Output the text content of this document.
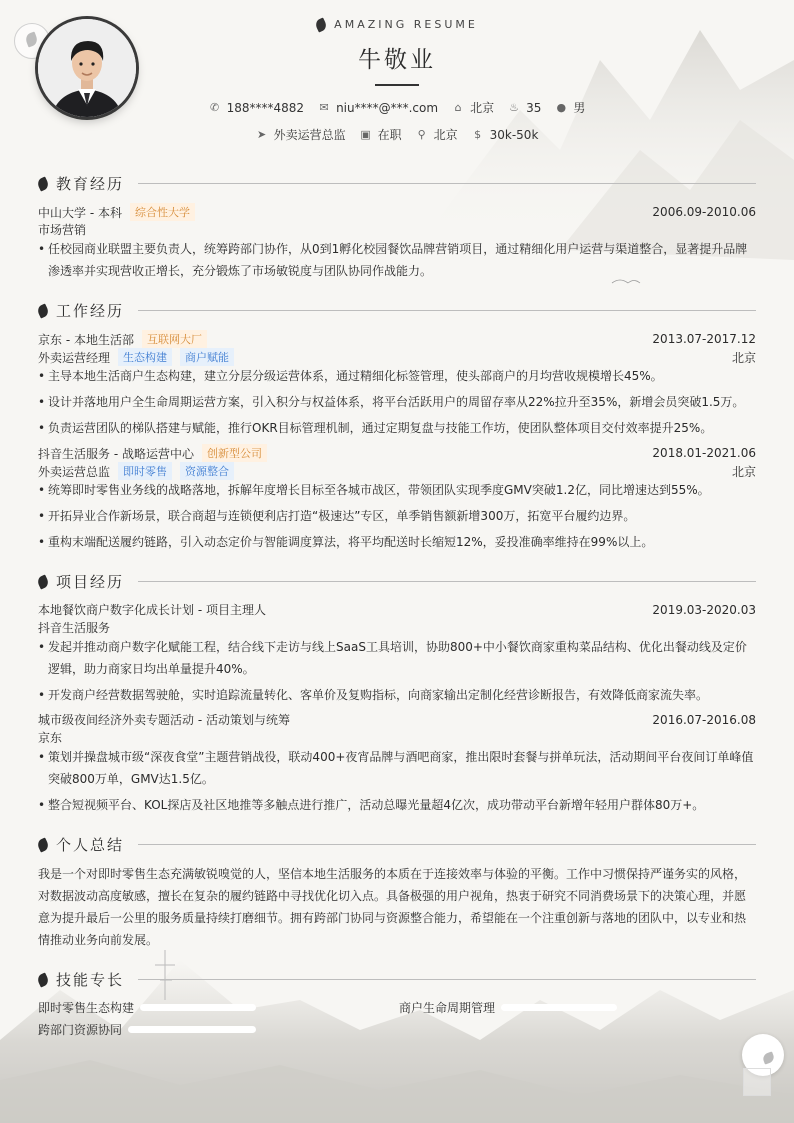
AMAZING RESUME
牛敬业
✆ 188****4882 ✉ niu****@***.com ⌂ 北京 ♨ 35 ● 男
➤ 外卖运营总监 ▣ 在职 ⚲ 北京 $ 30k-50k
教育经历
中山大学 - 本科	综合性大学	2006.09-2010.06
市场营销
• 任校园商业联盟主要负责人，统筹跨部门协作，从0到1孵化校园餐饮品牌营销项目，通过精细化用户运营与渠道整合，显著提升品牌渗透率并实现营收正增长，充分锻炼了市场敏锐度与团队协同作战能力。
工作经历
京东 - 本地生活部	互联网大厂	2013.07-2017.12
外卖运营经理	生态构建	商户赋能	北京
• 主导本地生活商户生态构建，建立分层分级运营体系，通过精细化标签管理，使头部商户的月均营收规模增长45%。
• 设计并落地用户全生命周期运营方案，引入积分与权益体系，将平台活跃用户的周留存率从22%拉升至35%，新增会员突破1.5万。
• 负责运营团队的梯队搭建与赋能，推行OKR目标管理机制，通过定期复盘与技能工作坊，使团队整体项目交付效率提升25%。
抖音生活服务 - 战略运营中心	创新型公司	2018.01-2021.06
外卖运营总监	即时零售	资源整合	北京
• 统筹即时零售业务线的战略落地，拆解年度增长目标至各城市战区，带领团队实现季度GMV突破1.2亿，同比增速达到55%。
• 开拓异业合作新场景，联合商超与连锁便利店打造“极速达”专区，单季销售额新增300万，拓宽平台履约边界。
• 重构末端配送履约链路，引入动态定价与智能调度算法，将平均配送时长缩短12%，妥投准确率维持在99%以上。
项目经历
本地餐饮商户数字化成长计划 - 项目主理人	2019.03-2020.03
抖音生活服务
• 发起并推动商户数字化赋能工程，结合线下走访与线上SaaS工具培训，协助800+中小餐饮商家重构菜品结构、优化出餐动线及定价逻辑，助力商家日均出单量提升40%。
• 开发商户经营数据驾驶舱，实时追踪流量转化、客单价及复购指标，向商家输出定制化经营诊断报告，有效降低商家流失率。
城市级夜间经济外卖专题活动 - 活动策划与统筹	2016.07-2016.08
京东
• 策划并操盘城市级“深夜食堂”主题营销战役，联动400+夜宵品牌与酒吧商家，推出限时套餐与拼单玩法，活动期间平台夜间订单峰值突破800万单，GMV达1.5亿。
• 整合短视频平台、KOL探店及社区地推等多触点进行推广，活动总曝光量超4亿次，成功带动平台新增年轻用户群体80万+。
个人总结
我是一个对即时零售生态充满敏锐嗅觉的人，坚信本地生活服务的本质在于连接效率与体验的平衡。工作中习惯保持严谨务实的风格，对数据波动高度敏感，擅长在复杂的履约链路中寻找优化切入点。具备极强的用户视角，热衷于研究不同消费场景下的决策心理，并愿意为提升最后一公里的服务质量持续打磨细节。拥有跨部门协同与资源整合能力，希望能在一个注重创新与落地的团队中，以专业和热情推动业务向前发展。
技能专长
即时零售生态构建	商户生命周期管理
跨部门资源协同
